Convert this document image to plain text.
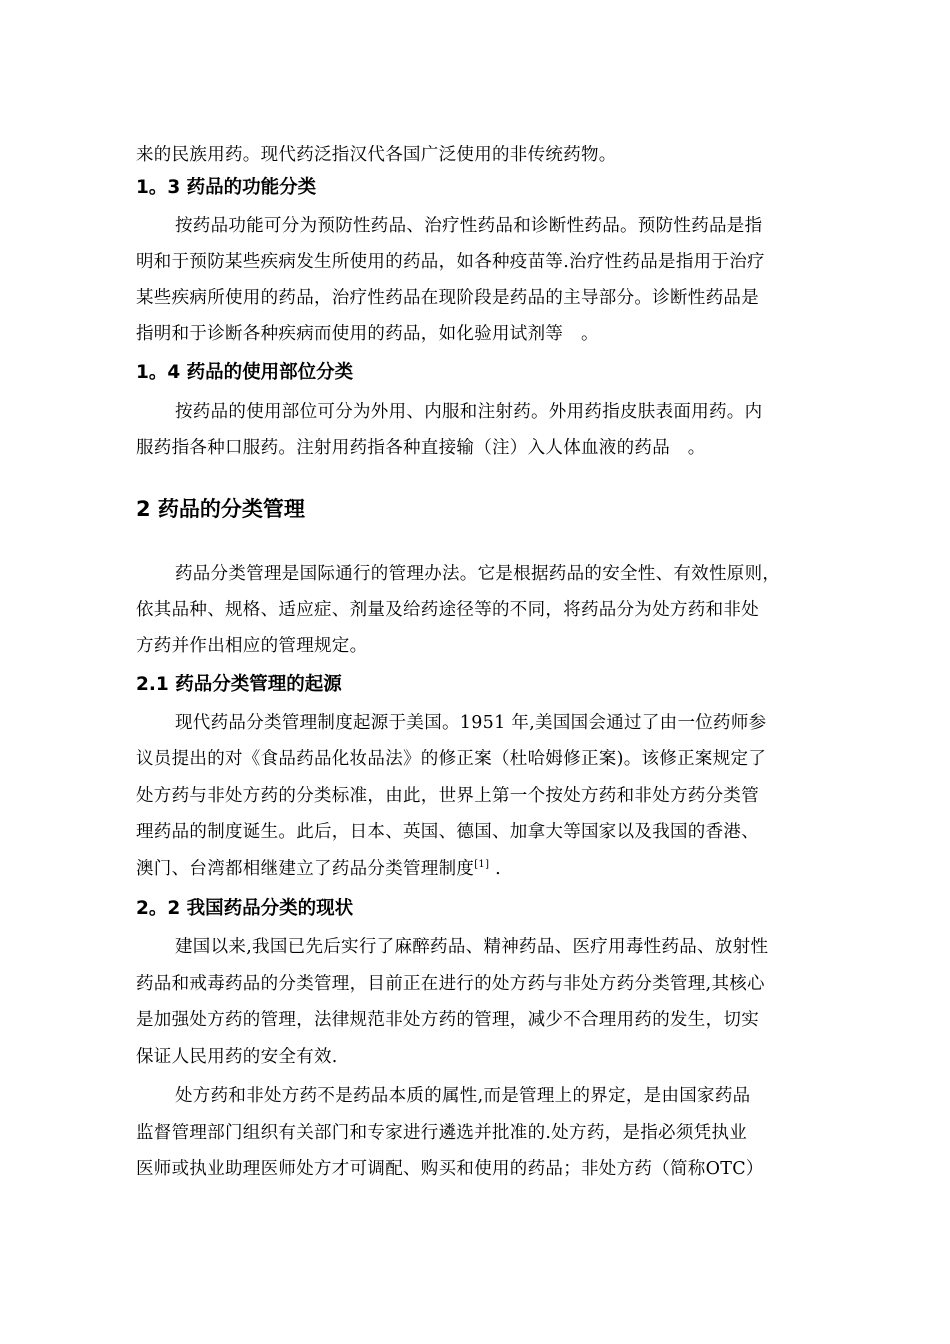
来的民族用药。现代药泛指汉代各国广泛使用的非传统药物。
1。3 药品的功能分类
按药品功能可分为预防性药品、治疗性药品和诊断性药品。预防性药品是指
明和于预防某些疾病发生所使用的药品，如各种疫苗等.治疗性药品是指用于治疗
某些疾病所使用的药品，治疗性药品在现阶段是药品的主导部分。诊断性药品是
指明和于诊断各种疾病而使用的药品，如化验用试剂等　。
1。4 药品的使用部位分类
按药品的使用部位可分为外用、内服和注射药。外用药指皮肤表面用药。内
服药指各种口服药。注射用药指各种直接输（注）入人体血液的药品　。
2 药品的分类管理
药品分类管理是国际通行的管理办法。它是根据药品的安全性、有效性原则，
依其品种、规格、适应症、剂量及给药途径等的不同，将药品分为处方药和非处
方药并作出相应的管理规定。
2.1 药品分类管理的起源
现代药品分类管理制度起源于美国。1951 年,美国国会通过了由一位药师参
议员提出的对《食品药品化妆品法》的修正案（杜哈姆修正案)。该修正案规定了
处方药与非处方药的分类标准，由此，世界上第一个按处方药和非处方药分类管
理药品的制度诞生。此后，日本、英国、德国、加拿大等国家以及我国的香港、
澳门、台湾都相继建立了药品分类管理制度[1] .
2。2 我国药品分类的现状
建国以来,我国已先后实行了麻醉药品、精神药品、医疗用毒性药品、放射性
药品和戒毒药品的分类管理，目前正在进行的处方药与非处方药分类管理,其核心
是加强处方药的管理，法律规范非处方药的管理，减少不合理用药的发生，切实
保证人民用药的安全有效.
处方药和非处方药不是药品本质的属性,而是管理上的界定，是由国家药品
监督管理部门组织有关部门和专家进行遴选并批准的.处方药，是指必须凭执业
医师或执业助理医师处方才可调配、购买和使用的药品；非处方药（简称OTC）
